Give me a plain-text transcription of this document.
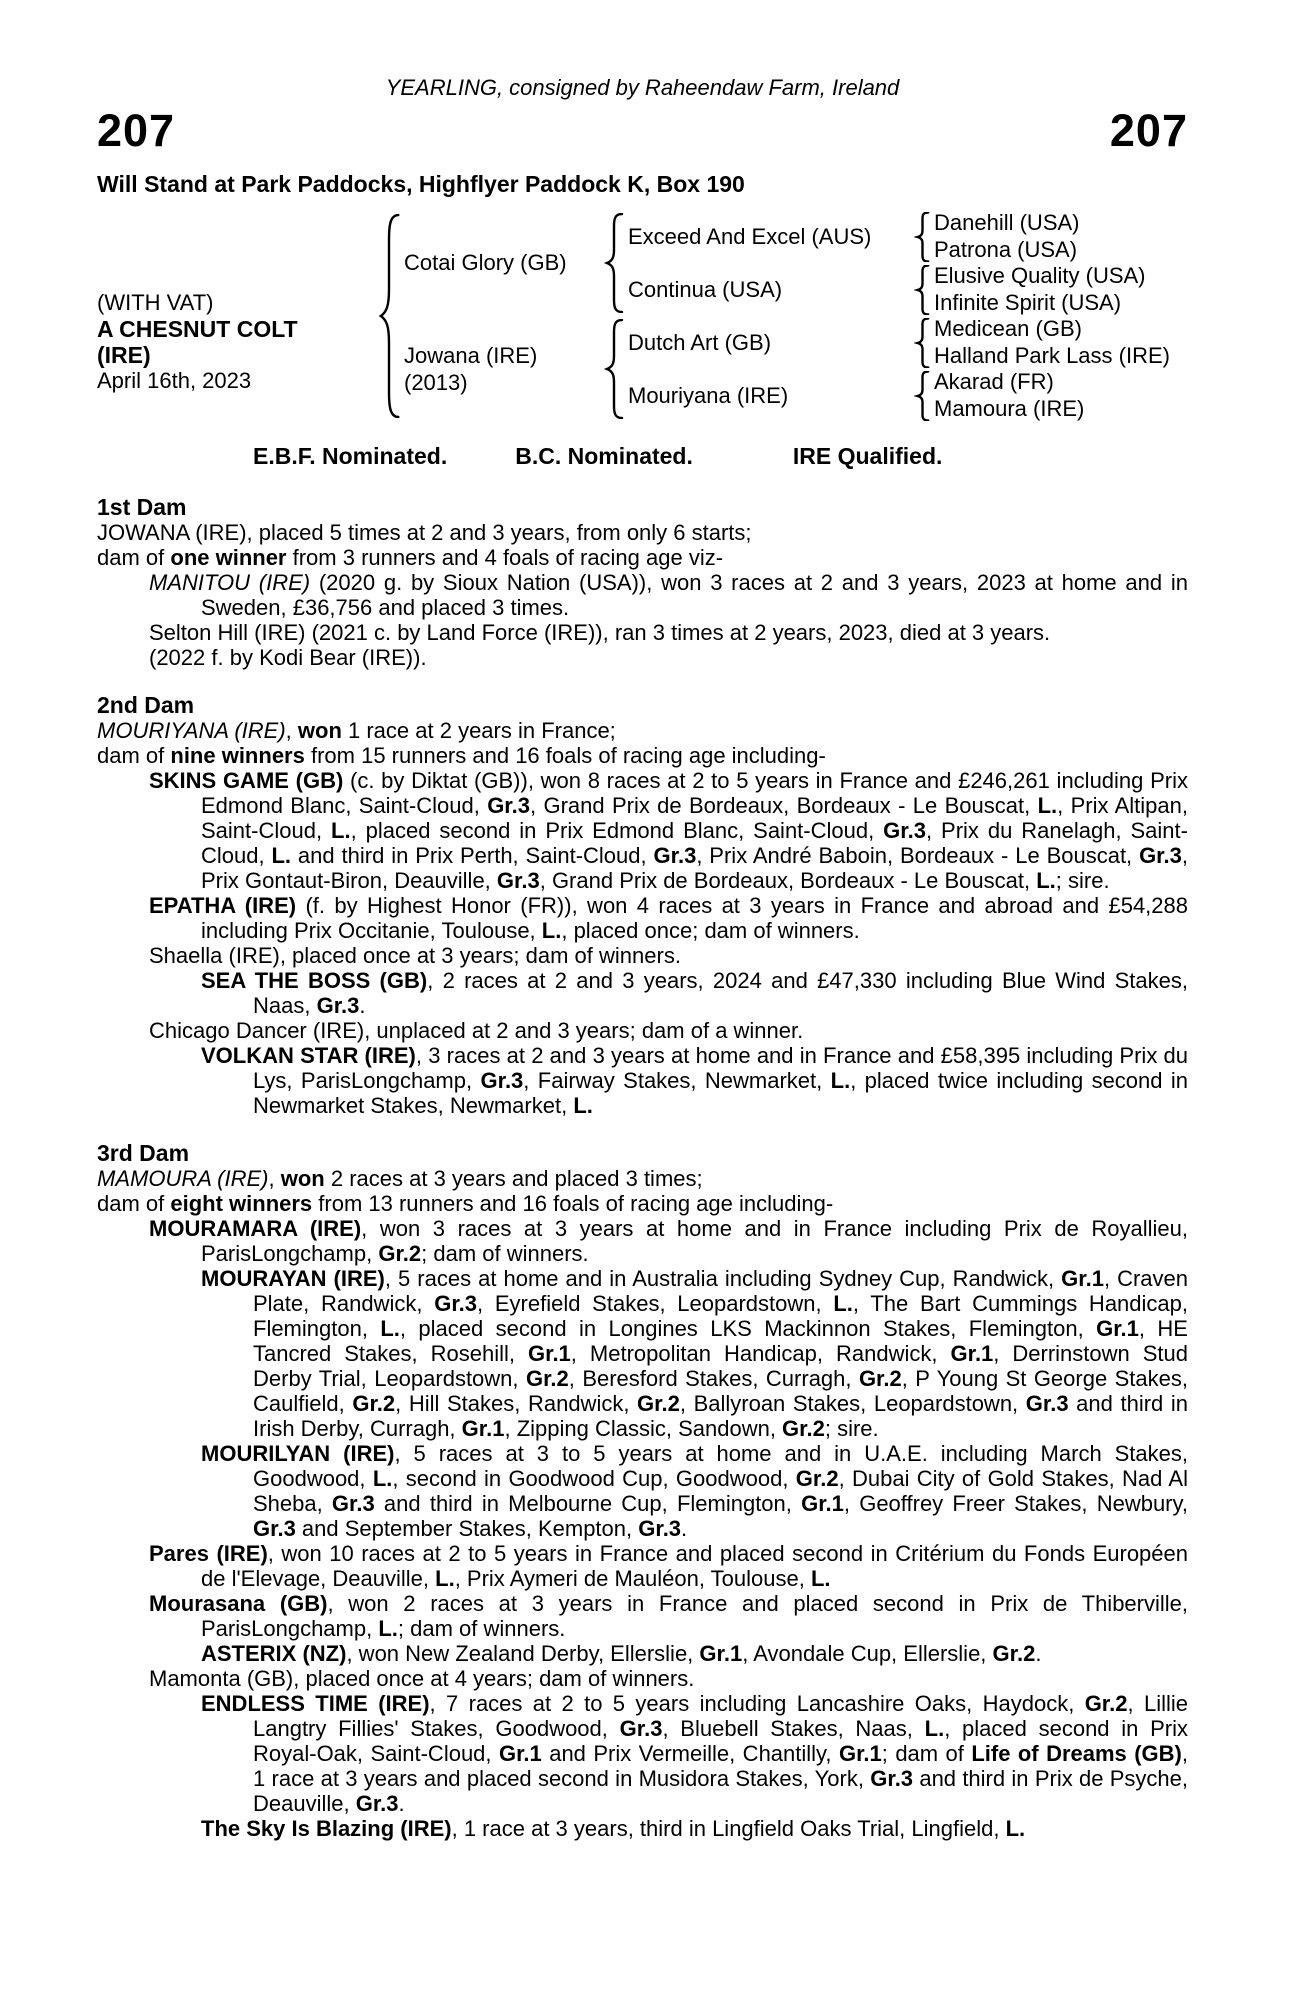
YEARLING, consigned by Raheendaw Farm, Ireland
207	207
Will Stand at Park Paddocks, Highflyer Paddock K, Box 190
(WITH VAT)
A CHESNUT COLT
(IRE)
April 16th, 2023
Cotai Glory (GB)
Jowana (IRE)
(2013)
Exceed And Excel (AUS)
Continua (USA)
Dutch Art (GB)
Mouriyana (IRE)
Danehill (USA)
Patrona (USA)
Elusive Quality (USA)
Infinite Spirit (USA)
Medicean (GB)
Halland Park Lass (IRE)
Akarad (FR)
Mamoura (IRE)
E.B.F. Nominated.	B.C. Nominated.	IRE Qualified.
1st Dam

JOWANA (IRE), placed 5 times at 2 and 3 years, from only 6 starts;

dam of one winner from 3 runners and 4 foals of racing age viz-

MANITOU (IRE) (2020 g. by Sioux Nation (USA)), won 3 races at 2 and 3 years, 2023 at home and in Sweden, £36,756 and placed 3 times.

Selton Hill (IRE) (2021 c. by Land Force (IRE)), ran 3 times at 2 years, 2023, died at 3 years.

(2022 f. by Kodi Bear (IRE)).

2nd Dam

MOURIYANA (IRE), won 1 race at 2 years in France;

dam of nine winners from 15 runners and 16 foals of racing age including-

SKINS GAME (GB) (c. by Diktat (GB)), won 8 races at 2 to 5 years in France and £246,261 including Prix Edmond Blanc, Saint-Cloud, Gr.3, Grand Prix de Bordeaux, Bordeaux - Le Bouscat, L., Prix Altipan, Saint-Cloud, L., placed second in Prix Edmond Blanc, Saint-Cloud, Gr.3, Prix du Ranelagh, Saint-Cloud, L. and third in Prix Perth, Saint-Cloud, Gr.3, Prix André Baboin, Bordeaux - Le Bouscat, Gr.3, Prix Gontaut-Biron, Deauville, Gr.3, Grand Prix de Bordeaux, Bordeaux - Le Bouscat, L.; sire.

EPATHA (IRE) (f. by Highest Honor (FR)), won 4 races at 3 years in France and abroad and £54,288 including Prix Occitanie, Toulouse, L., placed once; dam of winners.

Shaella (IRE), placed once at 3 years; dam of winners.

SEA THE BOSS (GB), 2 races at 2 and 3 years, 2024 and £47,330 including Blue Wind Stakes, Naas, Gr.3.

Chicago Dancer (IRE), unplaced at 2 and 3 years; dam of a winner.

VOLKAN STAR (IRE), 3 races at 2 and 3 years at home and in France and £58,395 including Prix du Lys, ParisLongchamp, Gr.3, Fairway Stakes, Newmarket, L., placed twice including second in Newmarket Stakes, Newmarket, L.

3rd Dam

MAMOURA (IRE), won 2 races at 3 years and placed 3 times;

dam of eight winners from 13 runners and 16 foals of racing age including-

MOURAMARA (IRE), won 3 races at 3 years at home and in France including Prix de Royallieu, ParisLongchamp, Gr.2; dam of winners.

MOURAYAN (IRE), 5 races at home and in Australia including Sydney Cup, Randwick, Gr.1, Craven Plate, Randwick, Gr.3, Eyrefield Stakes, Leopardstown, L., The Bart Cummings Handicap, Flemington, L., placed second in Longines LKS Mackinnon Stakes, Flemington, Gr.1, HE Tancred Stakes, Rosehill, Gr.1, Metropolitan Handicap, Randwick, Gr.1, Derrinstown Stud Derby Trial, Leopardstown, Gr.2, Beresford Stakes, Curragh, Gr.2, P Young St George Stakes, Caulfield, Gr.2, Hill Stakes, Randwick, Gr.2, Ballyroan Stakes, Leopardstown, Gr.3 and third in Irish Derby, Curragh, Gr.1, Zipping Classic, Sandown, Gr.2; sire.

MOURILYAN (IRE), 5 races at 3 to 5 years at home and in U.A.E. including March Stakes, Goodwood, L., second in Goodwood Cup, Goodwood, Gr.2, Dubai City of Gold Stakes, Nad Al Sheba, Gr.3 and third in Melbourne Cup, Flemington, Gr.1, Geoffrey Freer Stakes, Newbury, Gr.3 and September Stakes, Kempton, Gr.3.

Pares (IRE), won 10 races at 2 to 5 years in France and placed second in Critérium du Fonds Européen de l'Elevage, Deauville, L., Prix Aymeri de Mauléon, Toulouse, L.

Mourasana (GB), won 2 races at 3 years in France and placed second in Prix de Thiberville, ParisLongchamp, L.; dam of winners.

ASTERIX (NZ), won New Zealand Derby, Ellerslie, Gr.1, Avondale Cup, Ellerslie, Gr.2.

Mamonta (GB), placed once at 4 years; dam of winners.

ENDLESS TIME (IRE), 7 races at 2 to 5 years including Lancashire Oaks, Haydock, Gr.2, Lillie Langtry Fillies' Stakes, Goodwood, Gr.3, Bluebell Stakes, Naas, L., placed second in Prix Royal-Oak, Saint-Cloud, Gr.1 and Prix Vermeille, Chantilly, Gr.1; dam of Life of Dreams (GB), 1 race at 3 years and placed second in Musidora Stakes, York, Gr.3 and third in Prix de Psyche, Deauville, Gr.3.

The Sky Is Blazing (IRE), 1 race at 3 years, third in Lingfield Oaks Trial, Lingfield, L.
